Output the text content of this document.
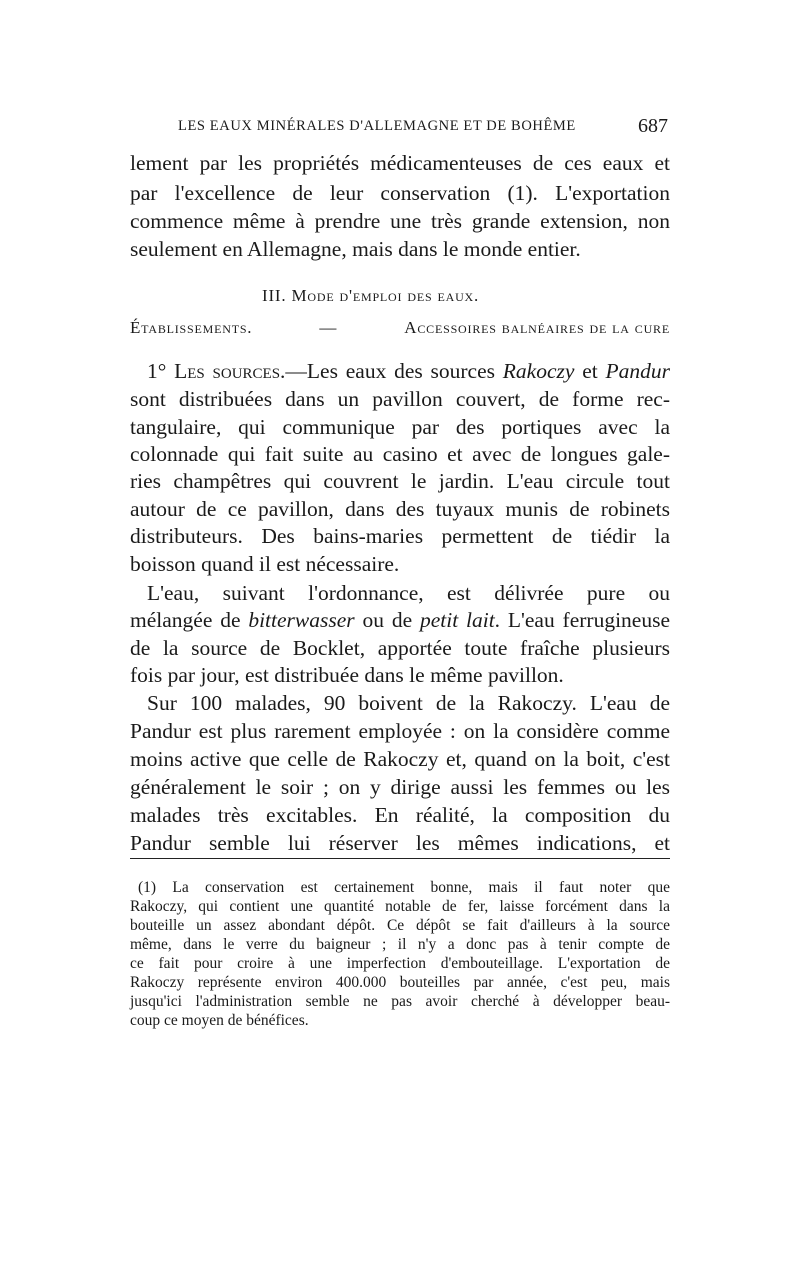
LES EAUX MINÉRALES D'ALLEMAGNE ET DE BOHÊME	687
lement par les propriétés médicamenteuses de ces eaux et
par l'excellence de leur conservation (1). L'exportation
commence même à prendre une très grande extension, non
seulement en Allemagne, mais dans le monde entier.
III. Mode d'emploi des eaux.
Établissements.	—	Accessoires balnéaires de la cure
1° Les sources.—Les eaux des sources Rakoczy et Pandur
sont distribuées dans un pavillon couvert, de forme rec-
tangulaire, qui communique par des portiques avec la
colonnade qui fait suite au casino et avec de longues gale-
ries champêtres qui couvrent le jardin. L'eau circule tout
autour de ce pavillon, dans des tuyaux munis de robinets
distributeurs. Des bains-maries permettent de tiédir la
boisson quand il est nécessaire.
L'eau, suivant l'ordonnance, est délivrée pure ou
mélangée de bitterwasser ou de petit lait. L'eau ferrugineuse
de la source de Bocklet, apportée toute fraîche plusieurs
fois par jour, est distribuée dans le même pavillon.
Sur 100 malades, 90 boivent de la Rakoczy. L'eau de
Pandur est plus rarement employée : on la considère comme
moins active que celle de Rakoczy et, quand on la boit, c'est
généralement le soir ; on y dirige aussi les femmes ou les
malades très excitables. En réalité, la composition du
Pandur semble lui réserver les mêmes indications, et
(1) La conservation est certainement bonne, mais il faut noter que
Rakoczy, qui contient une quantité notable de fer, laisse forcément dans la
bouteille un assez abondant dépôt. Ce dépôt se fait d'ailleurs à la source
même, dans le verre du baigneur ; il n'y a donc pas à tenir compte de
ce fait pour croire à une imperfection d'embouteillage. L'exportation de
Rakoczy représente environ 400.000 bouteilles par année, c'est peu, mais
jusqu'ici l'administration semble ne pas avoir cherché à développer beau-
coup ce moyen de bénéfices.
